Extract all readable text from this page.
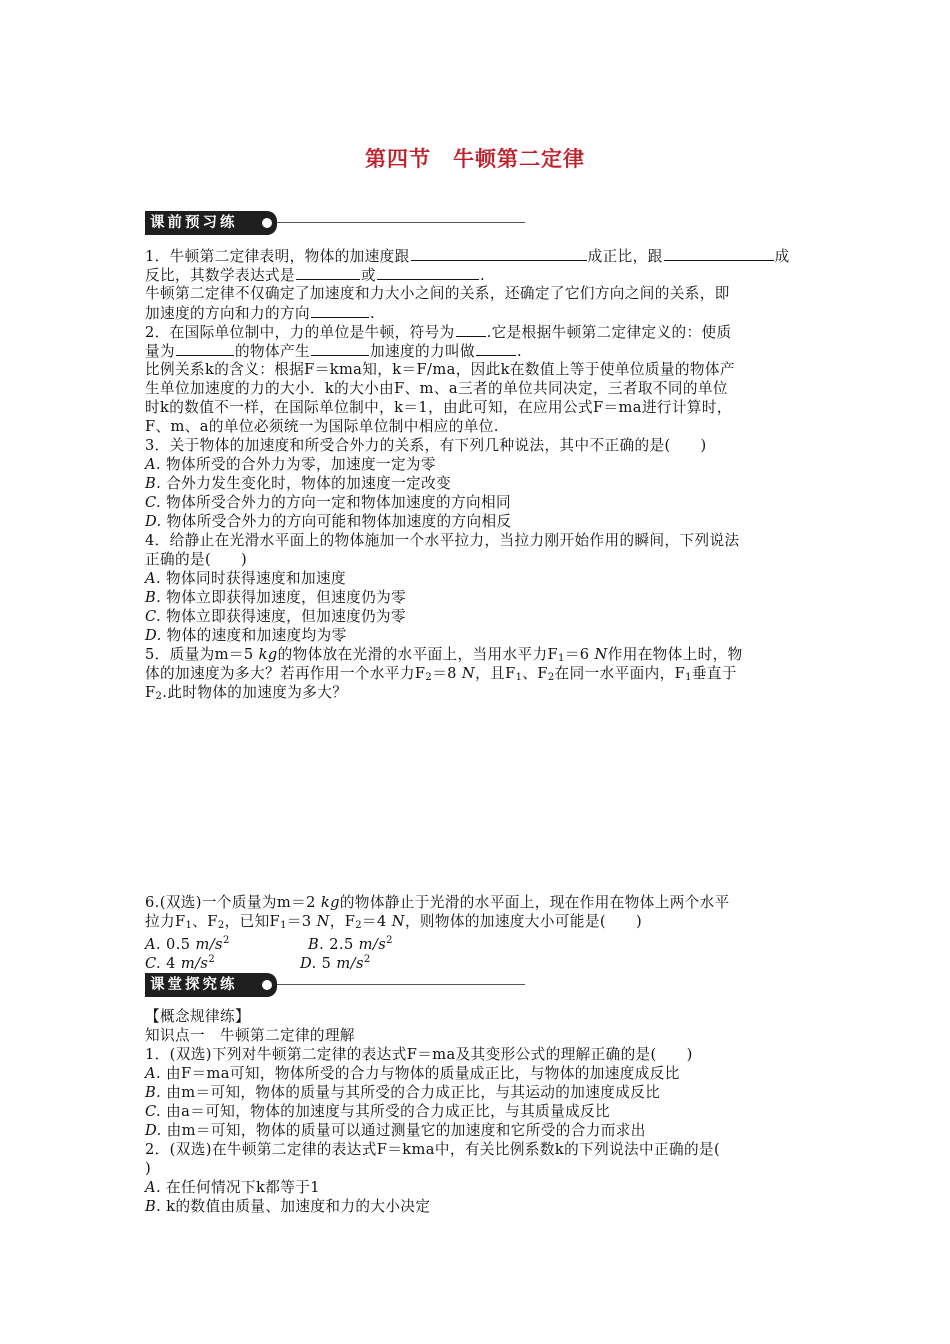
第四节　牛顿第二定律
课前预习练
1．牛顿第二定律表明，物体的加速度跟	成正比，跟	成
反比，其数学表达式是	或	.
牛顿第二定律不仅确定了加速度和力大小之间的关系，还确定了它们方向之间的关系，即
加速度的方向和力的方向	.
2．在国际单位制中，力的单位是牛顿，符号为 .它是根据牛顿第二定律定义的：使质
量为	的物体产生	加速度的力叫做	.
比例关系k的含义：根据F＝kma知，k＝F/ma，因此k在数值上等于使单位质量的物体产
生单位加速度的力的大小．k的大小由F、m、a三者的单位共同决定，三者取不同的单位
时k的数值不一样，在国际单位制中，k＝1，由此可知，在应用公式F＝ma进行计算时，
F、m、a的单位必须统一为国际单位制中相应的单位.
3．关于物体的加速度和所受合外力的关系，有下列几种说法，其中不正确的是(　　)
A. 物体所受的合外力为零，加速度一定为零
B. 合外力发生变化时，物体的加速度一定改变
C. 物体所受合外力的方向一定和物体加速度的方向相同
D. 物体所受合外力的方向可能和物体加速度的方向相反
4．给静止在光滑水平面上的物体施加一个水平拉力，当拉力刚开始作用的瞬间，下列说法
正确的是(　　)
A. 物体同时获得速度和加速度
B. 物体立即获得加速度，但速度仍为零
C. 物体立即获得速度，但加速度仍为零
D. 物体的速度和加速度均为零
5．质量为m＝5 kg的物体放在光滑的水平面上，当用水平力$F_1=6$ N作用在物体上时，物
体的加速度为多大？若再作用一个水平力$F_2=8$ N，且$F_1$、$F_2$在同一水平面内，$F_1$垂直于
$F_2$.此时物体的加速度为多大？
6.(双选)一个质量为m＝2 kg的物体静止于光滑的水平面上，现在作用在物体上两个水平
拉力$F_1$、$F_2$，已知$F_1=3$ N，$F_2=4$ N，则物体的加速度大小可能是(　　)
A. 0.5 $m/s^2$	B. 2.5 $m/s^2$
C. 4 $m/s^2$	D. 5 $m/s^2$
课堂探究练
【概念规律练】
知识点一　牛顿第二定律的理解
1．(双选)下列对牛顿第二定律的表达式F＝ma及其变形公式的理解正确的是(　　)
A. 由F＝ma可知，物体所受的合力与物体的质量成正比，与物体的加速度成反比
B. 由m＝可知，物体的质量与其所受的合力成正比，与其运动的加速度成反比
C. 由a＝可知，物体的加速度与其所受的合力成正比，与其质量成反比
D. 由m＝可知，物体的质量可以通过测量它的加速度和它所受的合力而求出
2．(双选)在牛顿第二定律的表达式F＝kma中，有关比例系数k的下列说法中正确的是(
)
A. 在任何情况下k都等于1
B. k的数值由质量、加速度和力的大小决定
